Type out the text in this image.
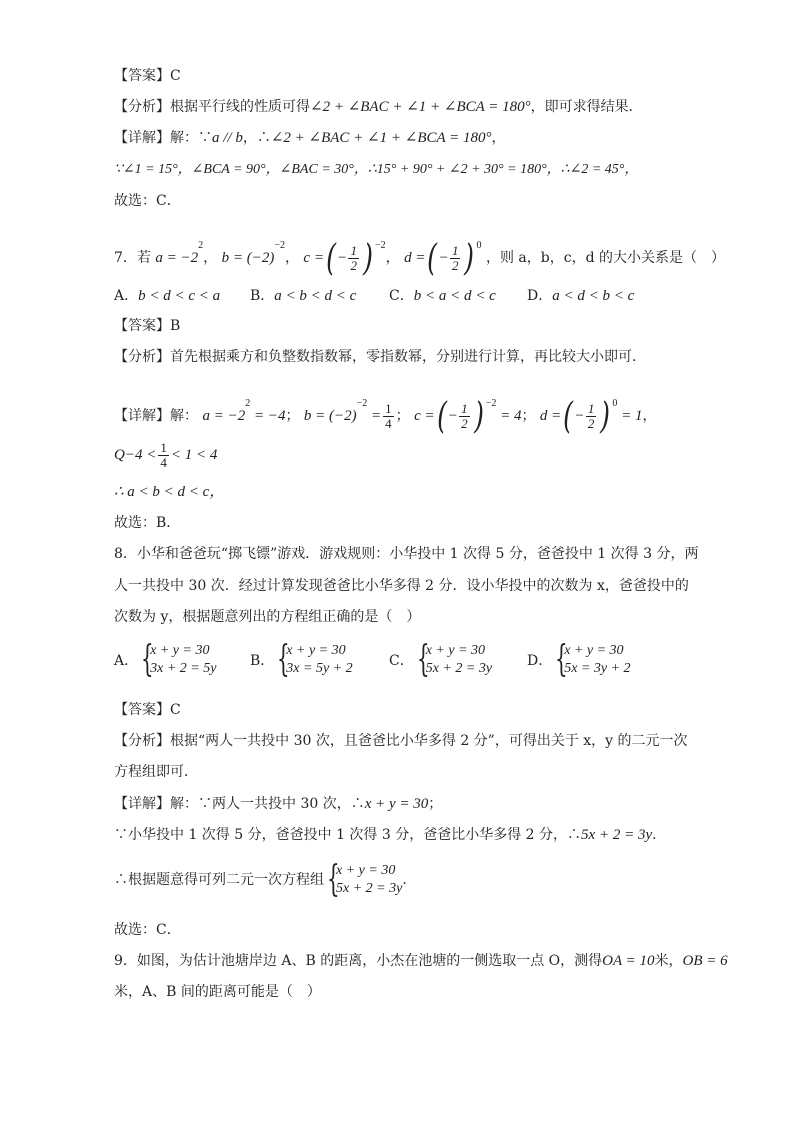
【答案】C
【分析】根据平行线的性质可得∠2 + ∠BAC + ∠1 + ∠BCA = 180°，即可求得结果．
【详解】解：∵a // b，∴∠2 + ∠BAC + ∠1 + ∠BCA = 180°，
∵∠1 = 15°，∠BCA = 90°，∠BAC = 30°，∴15° + 90° + ∠2 + 30° = 180°，∴∠2 = 45°，
故选：C．
7．若 $a = -2^2$， $b = (-2)^{-2}$， c =( − $\frac{1}{2}$ ) $^{-2}$， d =( − $\frac{1}{2}$ ) $^0$ ，则 a，b，c，d 的大小关系是（　）
A．b < d < c < a B．a < b < d < c C．b < a < d < c D．a < d < b < c
【答案】B
【分析】首先根据乘方和负整数指数幂，零指数幂，分别进行计算，再比较大小即可．
【详解】解： $a = -2^2 = -4$； $b = (-2)^{-2} = \frac{1}{4}$ ； c =( − $\frac{1}{2}$ ) $^{-2}$ = 4； d =( − $\frac{1}{2}$ ) $^0$ = 1，
$Q-4 < \frac{1}{4} < 1 < 4$
∴ a < b < d < c，
故选：B．
8．小华和爸爸玩“掷飞镖”游戏．游戏规则：小华投中 1 次得 5 分，爸爸投中 1 次得 3 分，两
人一共投中 30 次．经过计算发现爸爸比小华多得 2 分．设小华投中的次数为 x，爸爸投中的
次数为 y，根据题意列出的方程组正确的是（　）
A． {
x + y = 30
3x + 2 = 5y B． {
x + y = 30
3x = 5y + 2	C． {
x + y = 30
5x + 2 = 3y D． {
x + y = 30
5x = 3y + 2
【答案】C
【分析】根据“两人一共投中 30 次，且爸爸比小华多得 2 分”，可得出关于 x，y 的二元一次
方程组即可．
【详解】解：∵两人一共投中 30 次，∴x + y = 30；
∵小华投中 1 次得 5 分，爸爸投中 1 次得 3 分，爸爸比小华多得 2 分，∴5x + 2 = 3y．
∴根据题意得可列二元一次方程组 {
x + y = 30
5x + 2 = 3y
．
故选：C．
9．如图，为估计池塘岸边 A、B 的距离，小杰在池塘的一侧选取一点 O，测得OA = 10米，OB = 6
米，A、B 间的距离可能是（　）
